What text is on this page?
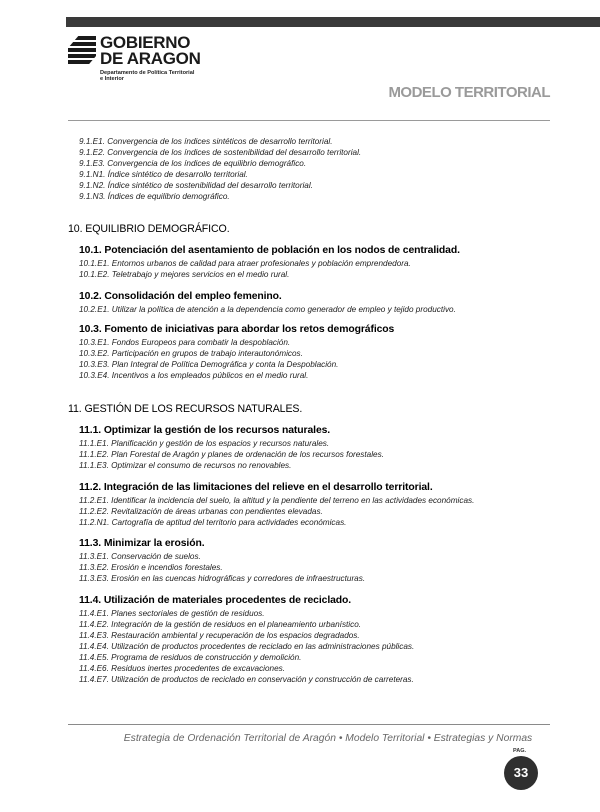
GOBIERNO
DE ARAGON
Departamento de Política Territorial
e Interior
MODELO TERRITORIAL
9.1.E1. Convergencia de los índices sintéticos de desarrollo territorial.
9.1.E2. Convergencia de los índices de sostenibilidad del desarrollo territorial.
9.1.E3. Convergencia de los índices de equilibrio demográfico.
9.1.N1. Índice sintético de desarrollo territorial.
9.1.N2. Índice sintético de sostenibilidad del desarrollo territorial.
9.1.N3. Índices de equilibrio demográfico.
10. EQUILIBRIO DEMOGRÁFICO.
10.1. Potenciación del asentamiento de población en los nodos de centralidad.
10.1.E1. Entornos urbanos de calidad para atraer profesionales y población emprendedora.
10.1.E2. Teletrabajo y mejores servicios en el medio rural.
10.2. Consolidación del empleo femenino.
10.2.E1. Utilizar la política de atención a la dependencia como generador de empleo y tejido productivo.
10.3. Fomento de iniciativas para abordar los retos demográficos
10.3.E1. Fondos Europeos para combatir la despoblación.
10.3.E2. Participación en grupos de trabajo interautonómicos.
10.3.E3. Plan Integral de Política Demográfica y conta la Despoblación.
10.3.E4. Incentivos a los empleados públicos en el medio rural.
11. GESTIÓN DE LOS RECURSOS NATURALES.
11.1. Optimizar la gestión de los recursos naturales.
11.1.E1. Planificación y gestión de los espacios y recursos naturales.
11.1.E2. Plan Forestal de Aragón y planes de ordenación de los recursos forestales.
11.1.E3. Optimizar el consumo de recursos no renovables.
11.2. Integración de las limitaciones del relieve en el desarrollo territorial.
11.2.E1. Identificar la incidencia del suelo, la altitud y la pendiente del terreno en las actividades económicas.
11.2.E2. Revitalización de áreas urbanas con pendientes elevadas.
11.2.N1. Cartografía de aptitud del territorio para actividades económicas.
11.3. Minimizar la erosión.
11.3.E1. Conservación de suelos.
11.3.E2. Erosión e incendios forestales.
11.3.E3. Erosión en las cuencas hidrográficas y corredores de infraestructuras.
11.4. Utilización de materiales procedentes de reciclado.
11.4.E1. Planes sectoriales de gestión de residuos.
11.4.E2. Integración de la gestión de residuos en el planeamiento urbanístico.
11.4.E3. Restauración ambiental y recuperación de los espacios degradados.
11.4.E4. Utilización de productos procedentes de reciclado en las administraciones públicas.
11.4.E5. Programa de residuos de construcción y demolición.
11.4.E6. Residuos inertes procedentes de excavaciones.
11.4.E7. Utilización de productos de reciclado en conservación y construcción de carreteras.
Estrategia de Ordenación Territorial de Aragón • Modelo Territorial • Estrategias y Normas
PAG.
33
